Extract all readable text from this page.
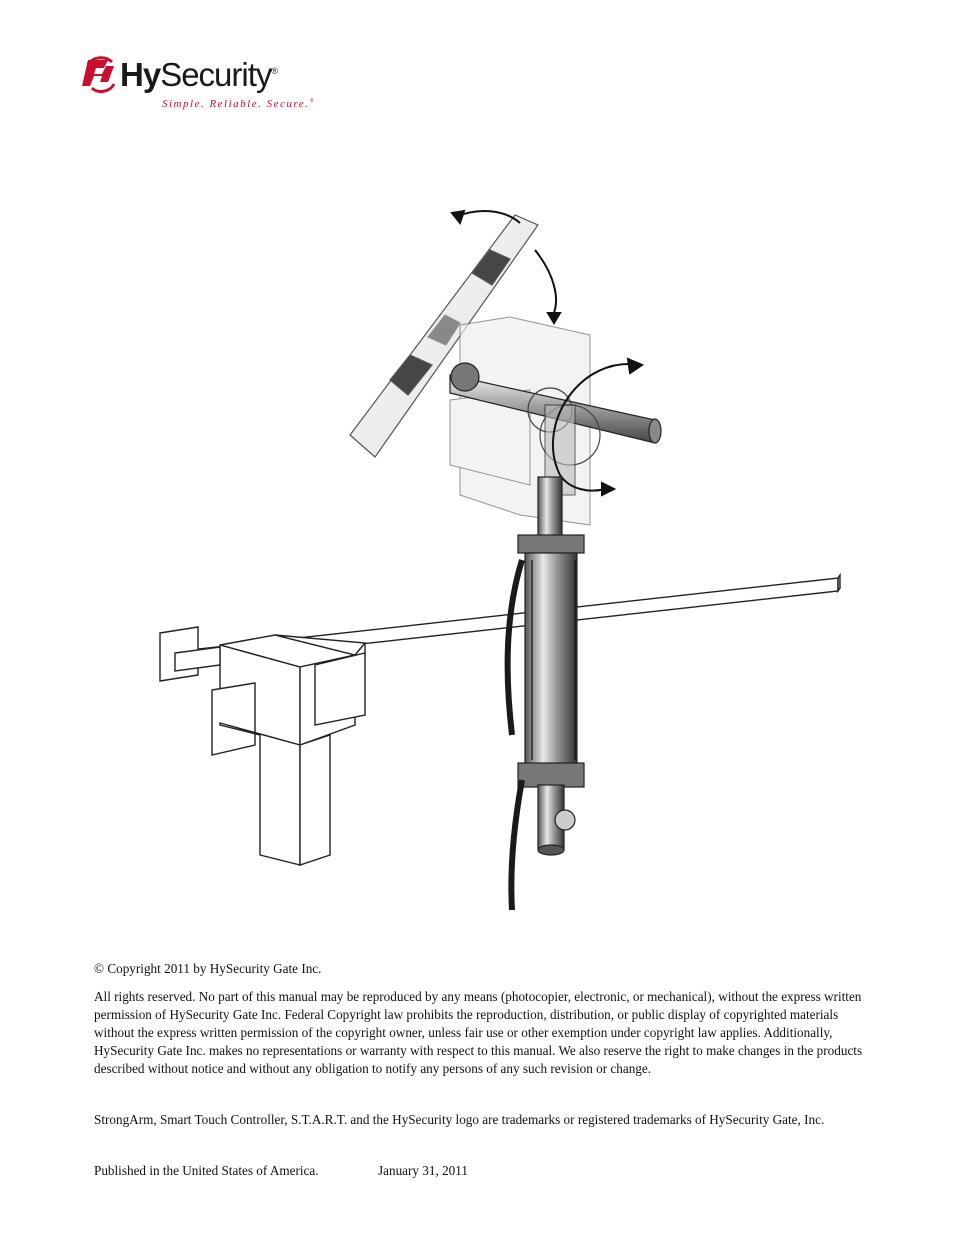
HySecurity®
Simple. Reliable. Secure.®
© Copyright 2011 by HySecurity Gate Inc.
All rights reserved. No part of this manual may be reproduced by any means (photocopier, electronic, or mechanical), without the express written permission of HySecurity Gate Inc. Federal Copyright law prohibits the reproduction, distribution, or public display of copyrighted materials without the express written permission of the copyright owner, unless fair use or other exemption under copyright law applies. Additionally, HySecurity Gate Inc. makes no representations or warranty with respect to this manual. We also reserve the right to make changes in the products described without notice and without any obligation to notify any persons of any such revision or change.
StrongArm, Smart Touch Controller, S.T.A.R.T. and the HySecurity logo are trademarks or registered trademarks of HySecurity Gate, Inc.
Published in the United States of America.	January 31, 2011
